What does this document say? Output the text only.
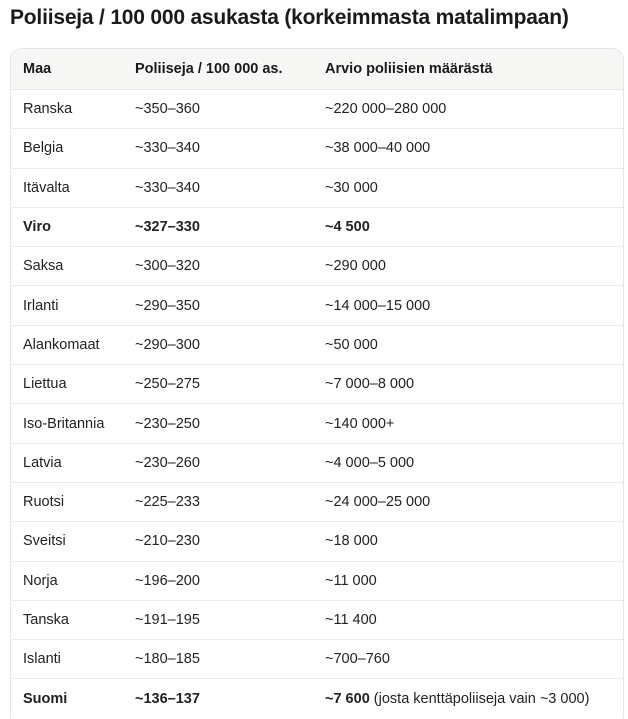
Poliiseja / 100 000 asukasta (korkeimmasta matalimpaan)
Maa	Poliiseja / 100 000 as.	Arvio poliisien määrästä
Ranska	~350–360	~220 000–280 000
Belgia	~330–340	~38 000–40 000
Itävalta	~330–340	~30 000
Viro	~327–330	~4 500
Saksa	~300–320	~290 000
Irlanti	~290–350	~14 000–15 000
Alankomaat	~290–300	~50 000
Liettua	~250–275	~7 000–8 000
Iso-Britannia	~230–250	~140 000+
Latvia	~230–260	~4 000–5 000
Ruotsi	~225–233	~24 000–25 000
Sveitsi	~210–230	~18 000
Norja	~196–200	~11 000
Tanska	~191–195	~11 400
Islanti	~180–185	~700–760
Suomi	~136–137	~7 600 (josta kenttäpoliiseja vain ~3 000)
